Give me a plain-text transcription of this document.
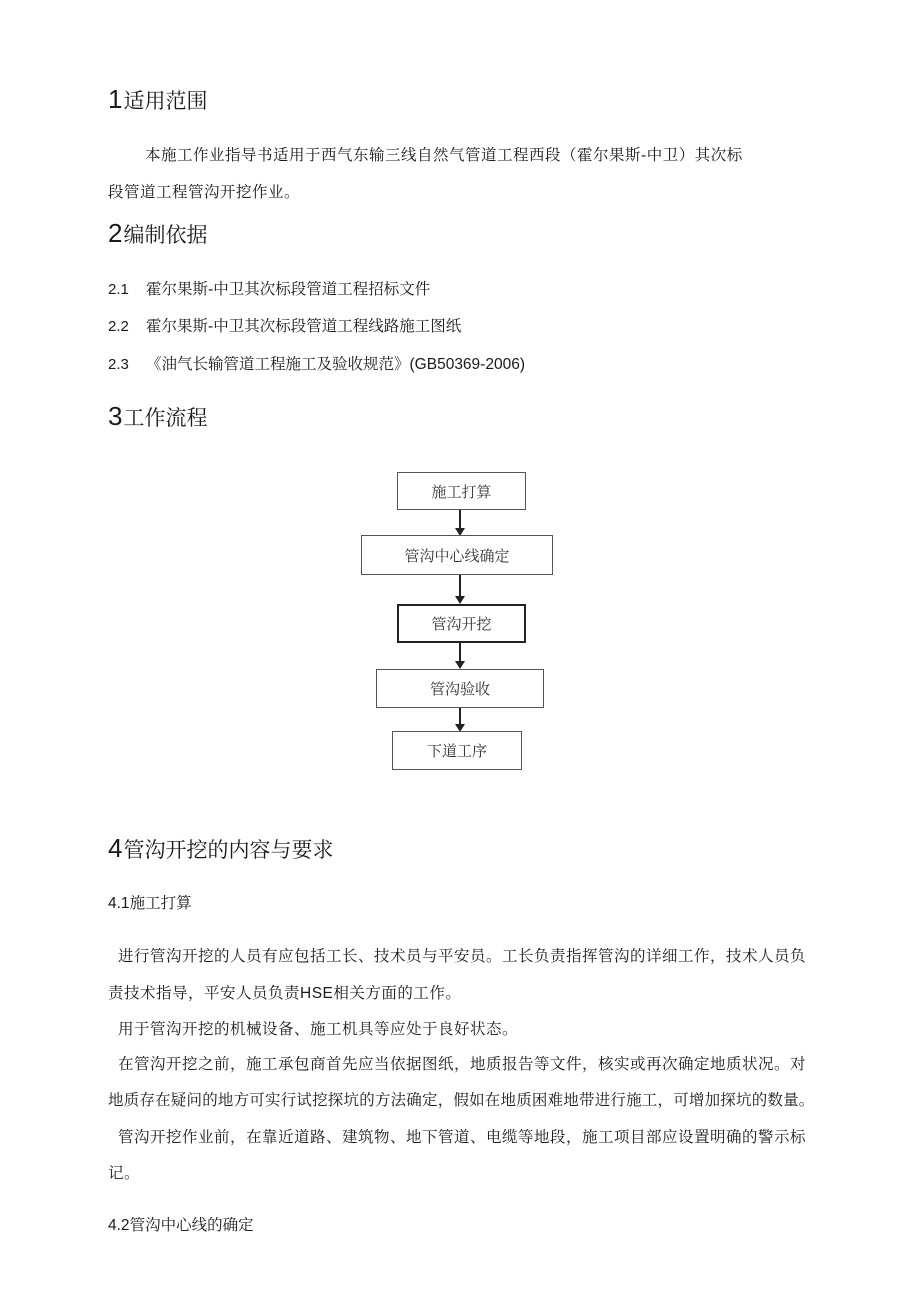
1适用范围
本施工作业指导书适用于西气东输三线自然气管道工程西段（霍尔果斯-中卫）其次标
段管道工程管沟开挖作业。
2编制依据
2.1 霍尔果斯-中卫其次标段管道工程招标文件
2.2 霍尔果斯-中卫其次标段管道工程线路施工图纸
2.3 《油气长输管道工程施工及验收规范》(GB50369-2006)
3工作流程
施工打算
管沟中心线确定
管沟开挖
管沟验收
下道工序
4管沟开挖的内容与要求
4.1施工打算
进行管沟开挖的人员有应包括工长、技术员与平安员。工长负责指挥管沟的详细工作，技术人员负
责技术指导，平安人员负责HSE相关方面的工作。
用于管沟开挖的机械设备、施工机具等应处于良好状态。
在管沟开挖之前，施工承包商首先应当依据图纸，地质报告等文件，核实或再次确定地质状况。对
地质存在疑问的地方可实行试挖探坑的方法确定，假如在地质困难地带进行施工，可增加探坑的数量。
管沟开挖作业前，在靠近道路、建筑物、地下管道、电缆等地段，施工项目部应设置明确的警示标
记。
4.2管沟中心线的确定
